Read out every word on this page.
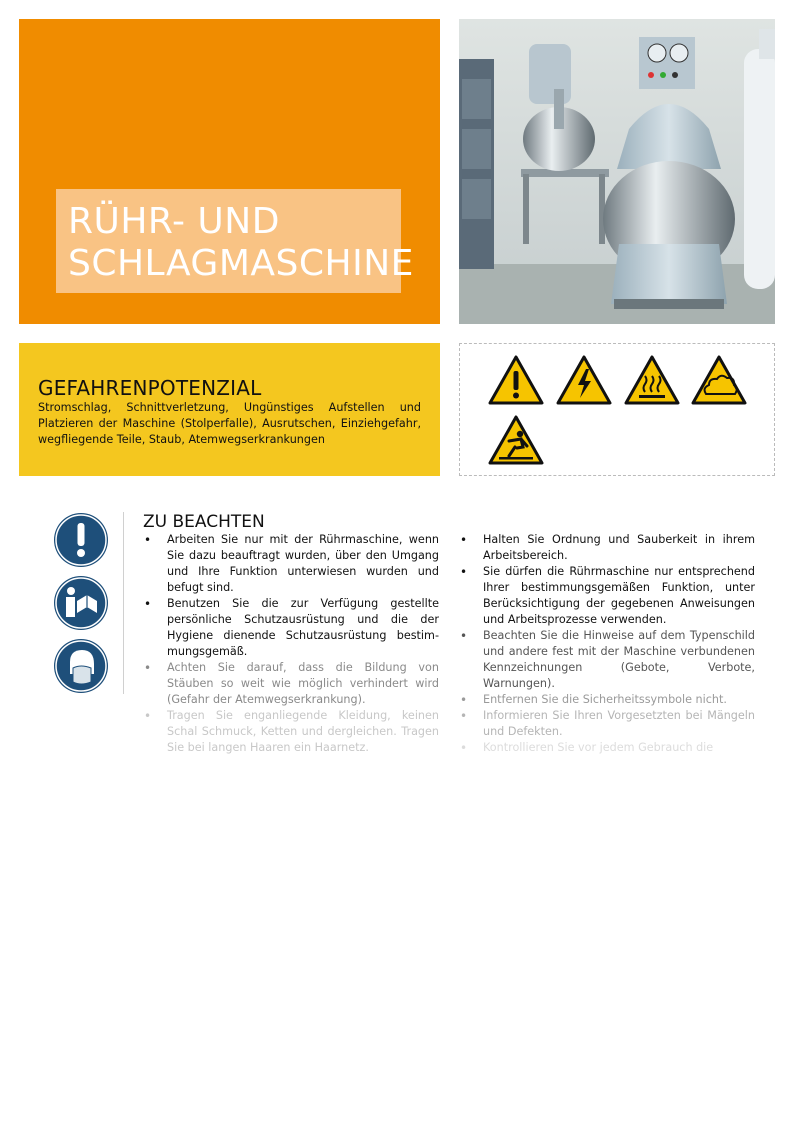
RÜHR- UND
SCHLAGMASCHINE
GEFAHRENPOTENZIAL
Stromschlag, Schnittverletzung, Ungünstiges Aufstellen und Platzieren der Maschine (Stolperfalle), Ausrutschen, Einziehgefahr, wegfliegende Teile, Staub, Atemwegserkrankungen
ZU BEACHTEN
• Arbeiten Sie nur mit der Rührmaschine, wenn Sie dazu beauftragt wurden, über den Umgang und Ihre Funktion unterwiesen wurden und befugt sind.
• Benutzen Sie die zur Verfügung gestellte persönliche Schutzausrüstung und die der Hygiene dienende Schutzausrüstung bestimmungsgemäß.
• Achten Sie darauf, dass die Bildung von Stäuben so weit wie möglich verhindert wird (Gefahr der Atemwegserkrankung).
• Tragen Sie enganliegende Kleidung, keinen Schal Schmuck, Ketten und dergleichen. Tragen Sie bei langen Haaren ein Haarnetz.
• Halten Sie Ordnung und Sauberkeit in ihrem Arbeitsbereich.
• Sie dürfen die Rührmaschine nur entsprechend Ihrer bestimmungsgemäßen Funktion, unter Berücksichtigung der gegebenen Anweisungen und Arbeitsprozesse verwenden.
• Beachten Sie die Hinweise auf dem Typenschild und andere fest mit der Maschine verbundenen Kennzeichnungen (Gebote, Verbote, Warnungen).
• Entfernen Sie die Sicherheitssymbole nicht.
• Informieren Sie Ihren Vorgesetzten bei Mängeln und Defekten.
• Kontrollieren Sie vor jedem Gebrauch die
